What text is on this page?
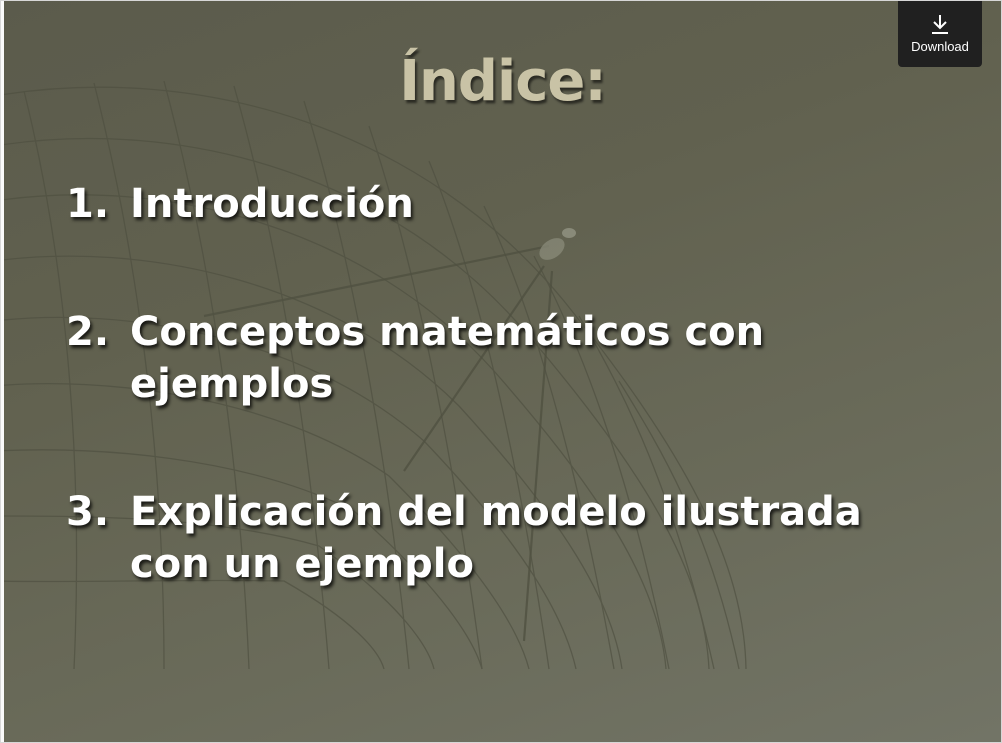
Índice:

1. Introducción

2. Conceptos matemáticos con
ejemplos

3. Explicación del modelo ilustrada
con un ejemplo

Download
